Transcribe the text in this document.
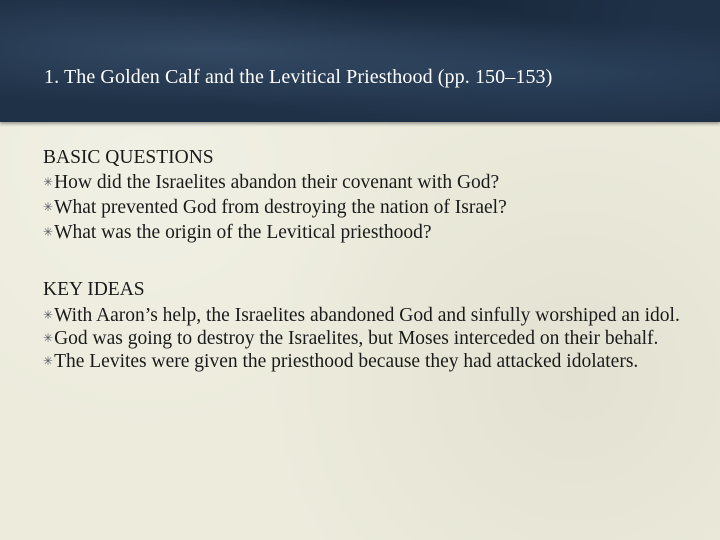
1. The Golden Calf and the Levitical Priesthood (pp. 150–153)
BASIC QUESTIONS
✳How did the Israelites abandon their covenant with God?
✳What prevented God from destroying the nation of Israel?
✳What was the origin of the Levitical priesthood?
KEY IDEAS
✳With Aaron’s help, the Israelites abandoned God and sinfully worshiped an idol.
✳God was going to destroy the Israelites, but Moses interceded on their behalf.
✳The Levites were given the priesthood because they had attacked idolaters.
